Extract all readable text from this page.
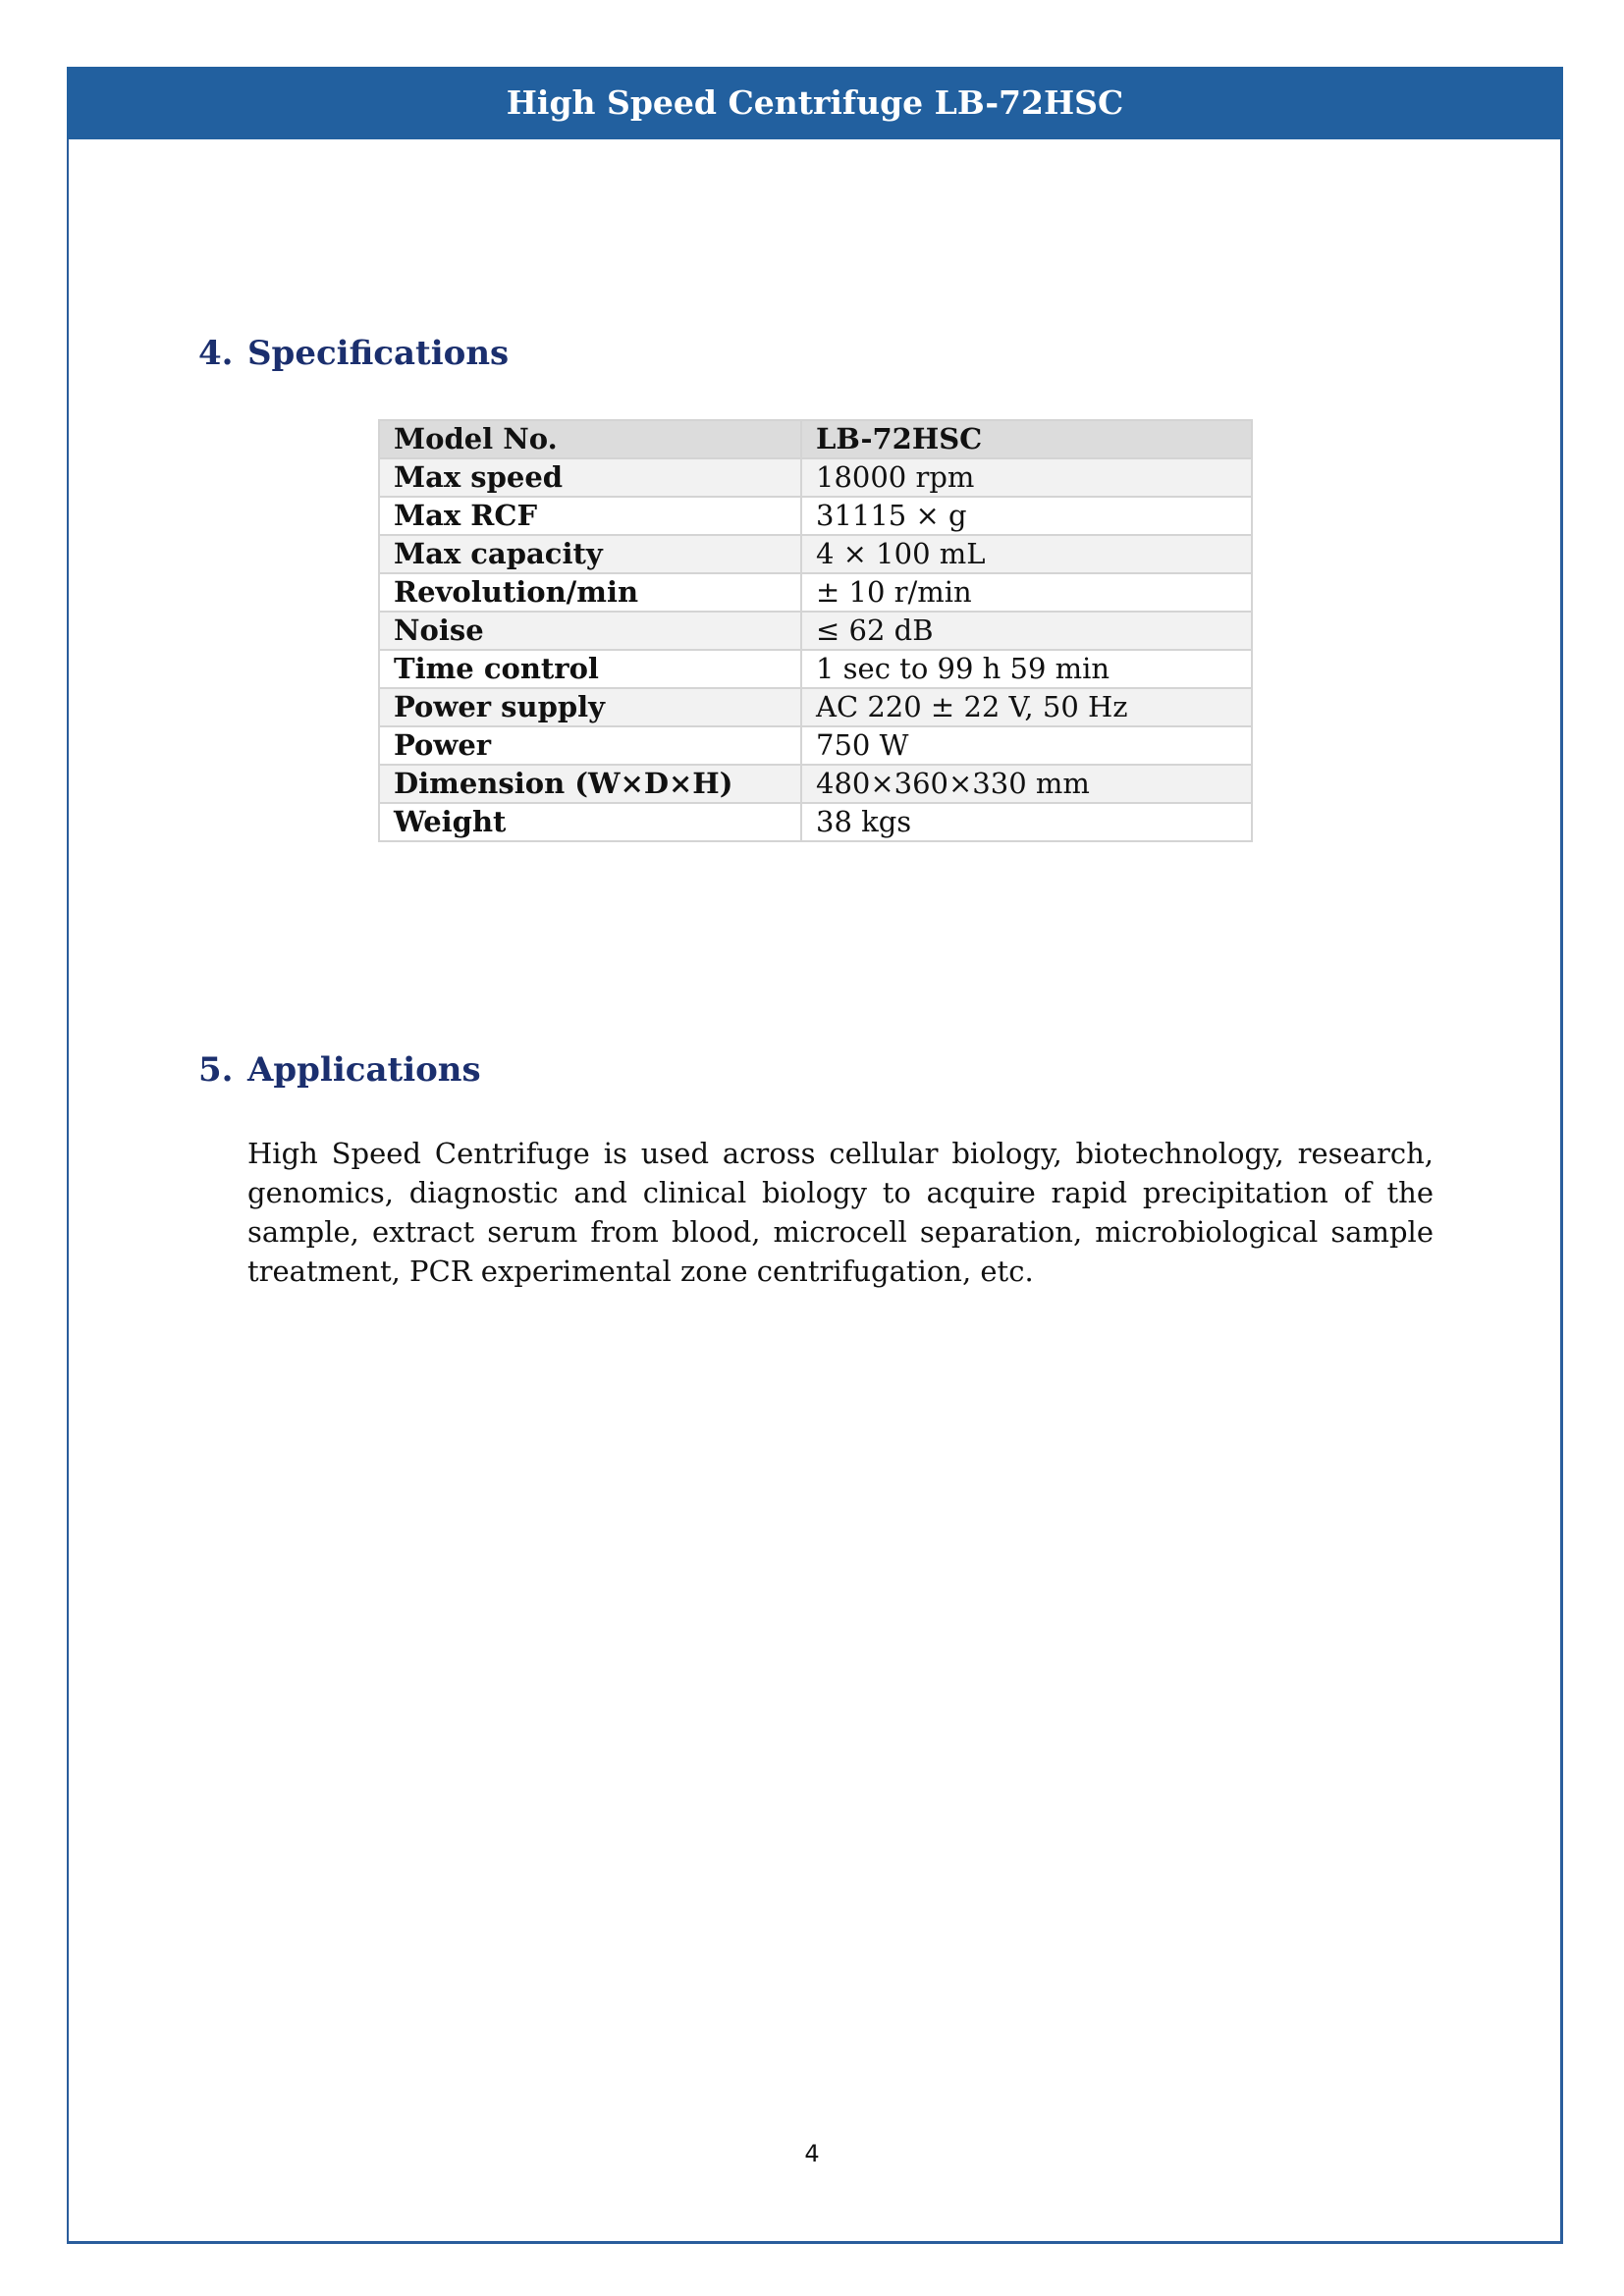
High Speed Centrifuge LB-72HSC
4. Specifications
Model No.	LB-72HSC
Max speed	18000 rpm
Max RCF	31115 × g
Max capacity	4 × 100 mL
Revolution/min	± 10 r/min
Noise	≤ 62 dB
Time control	1 sec to 99 h 59 min
Power supply	AC 220 ± 22 V, 50 Hz
Power	750 W
Dimension (W×D×H)	480×360×330 mm
Weight	38 kgs
5. Applications

High Speed Centrifuge is used across cellular biology, biotechnology, research, genomics, diagnostic and clinical biology to acquire rapid precipitation of the sample, extract serum from blood, microcell separation, microbiological sample treatment, PCR experimental zone centrifugation, etc.

4
